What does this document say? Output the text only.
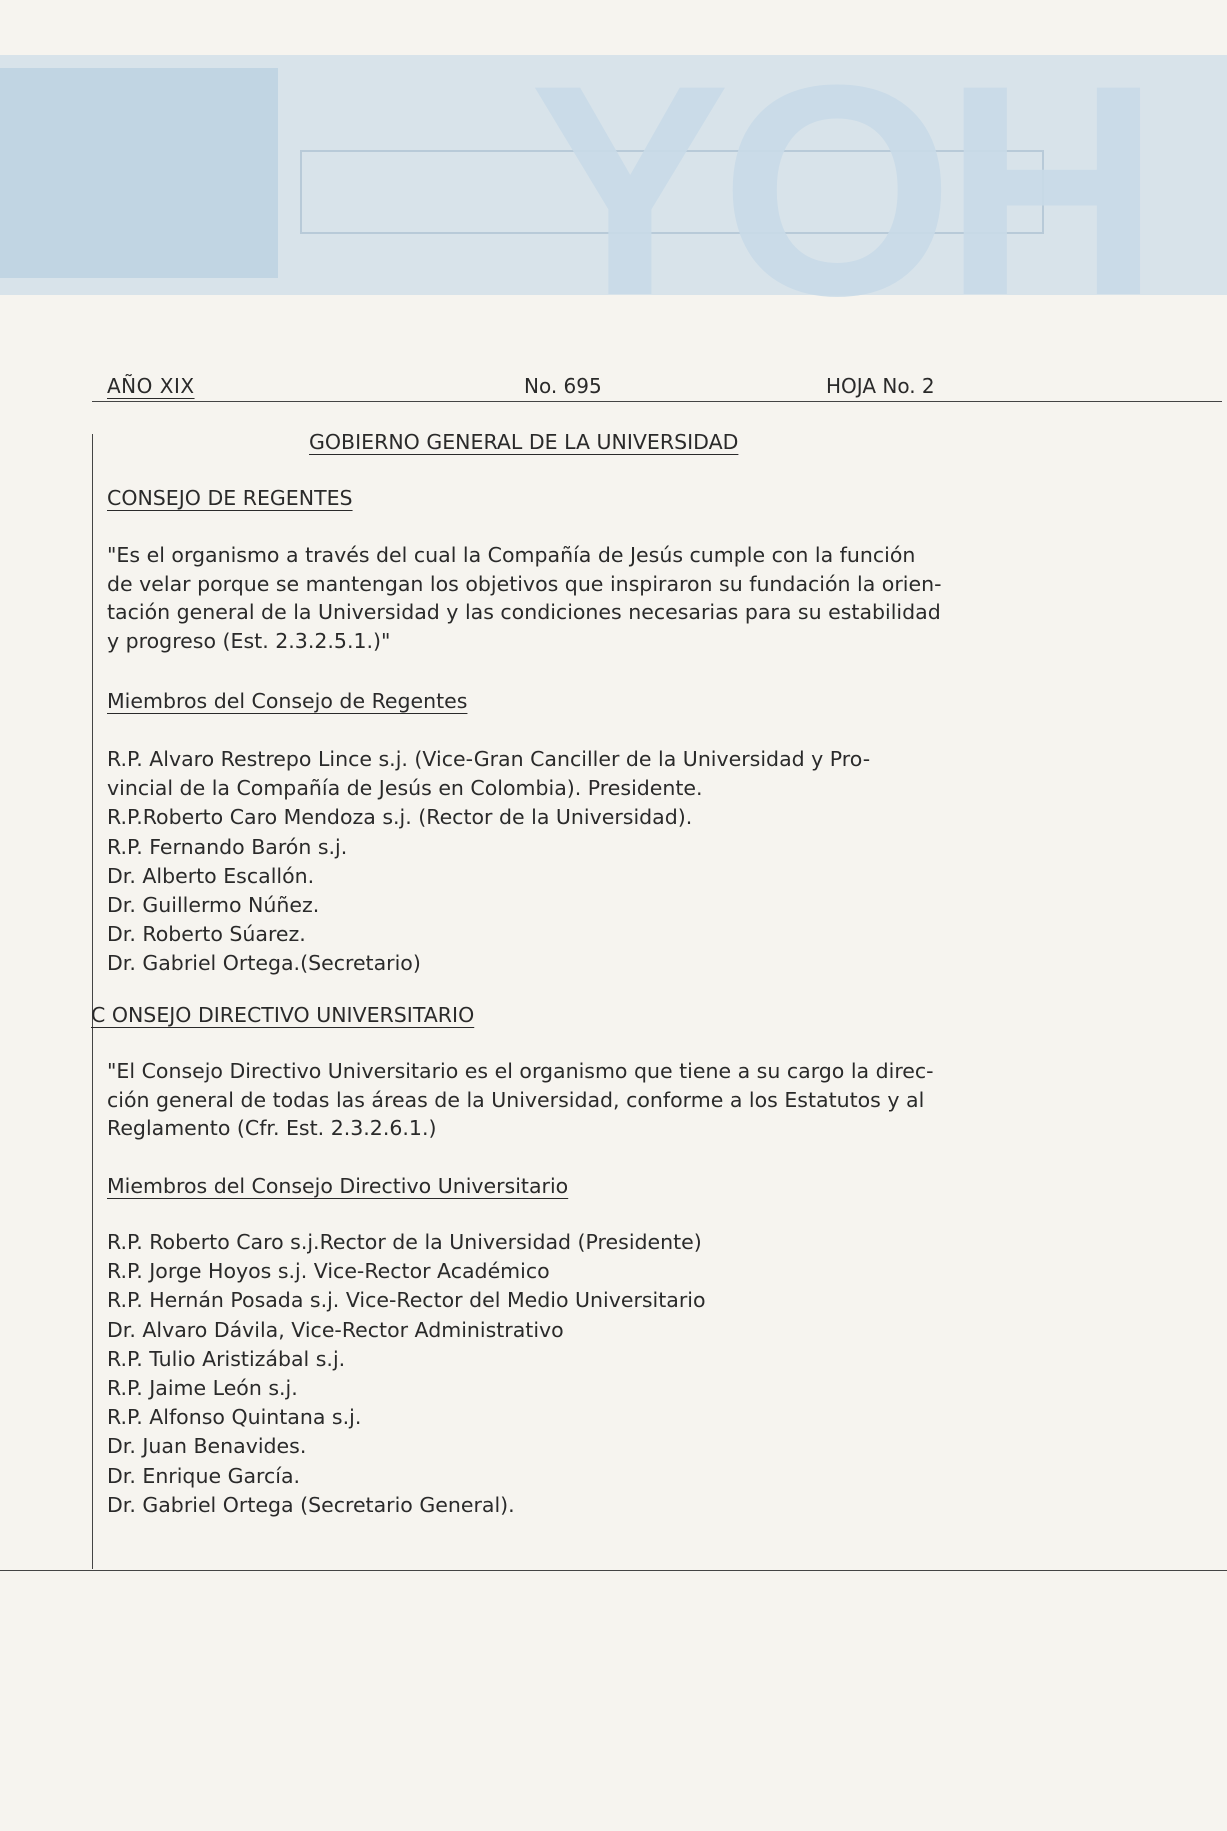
HOY
AÑO XIX	No. 695	HOJA No. 2
GOBIERNO GENERAL DE LA UNIVERSIDAD
CONSEJO DE REGENTES
"Es el organismo a través del cual la Compañía de Jesús cumple con la función
de velar porque se mantengan los objetivos que inspiraron su fundación la orien-
tación general de la Universidad y las condiciones necesarias para su estabilidad
y progreso (Est. 2.3.2.5.1.)"
Miembros del Consejo de Regentes
R.P. Alvaro Restrepo Lince s.j. (Vice-Gran Canciller de la Universidad y Pro-
vincial de la Compañía de Jesús en Colombia). Presidente.
R.P.Roberto Caro Mendoza s.j. (Rector de la Universidad).
R.P. Fernando Barón s.j.
Dr. Alberto Escallón.
Dr. Guillermo Núñez.
Dr. Roberto Súarez.
Dr. Gabriel Ortega.(Secretario)
C ONSEJO DIRECTIVO UNIVERSITARIO
"El Consejo Directivo Universitario es el organismo que tiene a su cargo la direc-
ción general de todas las áreas de la Universidad, conforme a los Estatutos y al
Reglamento (Cfr. Est. 2.3.2.6.1.)
Miembros del Consejo Directivo Universitario
R.P. Roberto Caro s.j.Rector de la Universidad (Presidente)
R.P. Jorge Hoyos s.j. Vice-Rector Académico
R.P. Hernán Posada s.j. Vice-Rector del Medio Universitario
Dr. Alvaro Dávila, Vice-Rector Administrativo
R.P. Tulio Aristizábal s.j.
R.P. Jaime León s.j.
R.P. Alfonso Quintana s.j.
Dr. Juan Benavides.
Dr. Enrique García.
Dr. Gabriel Ortega (Secretario General).
